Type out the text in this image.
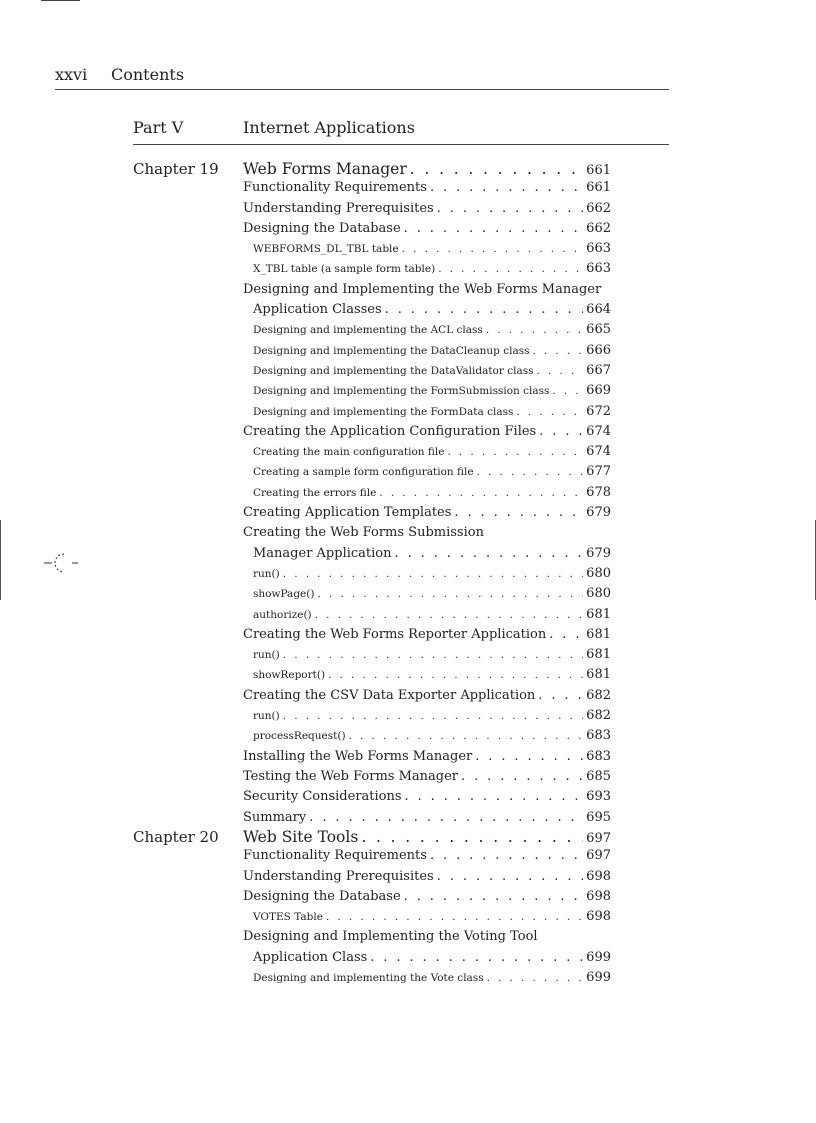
xxvi Contents
Part V	Internet Applications
Chapter 19 Web Forms Manager . . .	661
Functionality Requirements . . .	661
Understanding Prerequisites . . .	662
Designing the Database . . .	662
WEBFORMS_DL_TBL table . . .	663
X_TBL table (a sample form table) . . .	663
Designing and Implementing the Web Forms Manager
Application Classes . . .	664
Designing and implementing the ACL class . . .	665
Designing and implementing the DataCleanup class . . .	666
Designing and implementing the DataValidator class . . .	667
Designing and implementing the FormSubmission class . . .	669
Designing and implementing the FormData class . . .	672
Creating the Application Configuration Files . . .	674
Creating the main configuration file . . .	674
Creating a sample form configuration file . . .	677
Creating the errors file . . .	678
Creating Application Templates . . .	679
Creating the Web Forms Submission
Manager Application . . .	679
run() . . .	680
showPage() . . .	680
authorize() . . .	681
Creating the Web Forms Reporter Application . . .	681
run() . . .	681
showReport() . . .	681
Creating the CSV Data Exporter Application . . .	682
run() . . .	682
processRequest() . . .	683
Installing the Web Forms Manager . . .	683
Testing the Web Forms Manager . . .	685
Security Considerations . . .	693
Summary . . .	695
Chapter 20 Web Site Tools . . .	697
Functionality Requirements . . .	697
Understanding Prerequisites . . .	698
Designing the Database . . .	698
VOTES Table . . .	698
Designing and Implementing the Voting Tool
Application Class . . .	699
Designing and implementing the Vote class . . .	699
